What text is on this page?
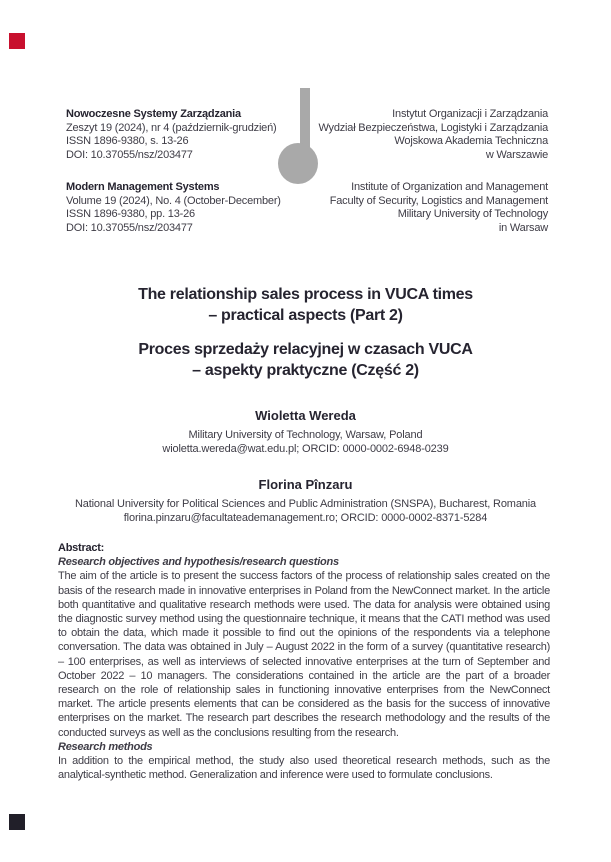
Nowoczesne Systemy Zarządzania
Zeszyt 19 (2024), nr 4 (październik-grudzień)
ISSN 1896-9380, s. 13-26
DOI: 10.37055/nsz/203477
Instytut Organizacji i Zarządzania
Wydział Bezpieczeństwa, Logistyki i Zarządzania
Wojskowa Akademia Techniczna
w Warszawie
Modern Management Systems
Volume 19 (2024), No. 4 (October-December)
ISSN 1896-9380, pp. 13-26
DOI: 10.37055/nsz/203477
Institute of Organization and Management
Faculty of Security, Logistics and Management
Military University of Technology
in Warsaw
The relationship sales process in VUCA times
– practical aspects (Part 2)
Proces sprzedaży relacyjnej w czasach VUCA
– aspekty praktyczne (Część 2)
Wioletta Wereda
Military University of Technology, Warsaw, Poland
wioletta.wereda@wat.edu.pl; ORCID: 0000-0002-6948-0239
Florina Pînzaru
National University for Political Sciences and Public Administration (SNSPA), Bucharest, Romania
florina.pinzaru@facultateademanagement.ro; ORCID: 0000-0002-8371-5284
Abstract:
Research objectives and hypothesis/research questions

The aim of the article is to present the success factors of the process of relationship sales created on the basis of the research made in innovative enterprises in Poland from the NewConnect market. In the article both quantitative and qualitative research methods were used. The data for analysis were obtained using the diagnostic survey method using the questionnaire technique, it means that the CATI method was used to obtain the data, which made it possible to find out the opinions of the respondents via a telephone conversation. The data was obtained in July – August 2022 in the form of a survey (quantitative research) – 100 enterprises, as well as interviews of selected innovative enterprises at the turn of September and October 2022 – 10 managers. The considerations contained in the article are the part of a broader research on the role of relationship sales in functioning innovative enterprises from the NewConnect market. The article presents elements that can be considered as the basis for the success of innovative enterprises on the market. The research part describes the research methodology and the results of the conducted surveys as well as the conclusions resulting from the research.

Research methods

In addition to the empirical method, the study also used theoretical research methods, such as the analytical-synthetic method. Generalization and inference were used to formulate conclusions.
